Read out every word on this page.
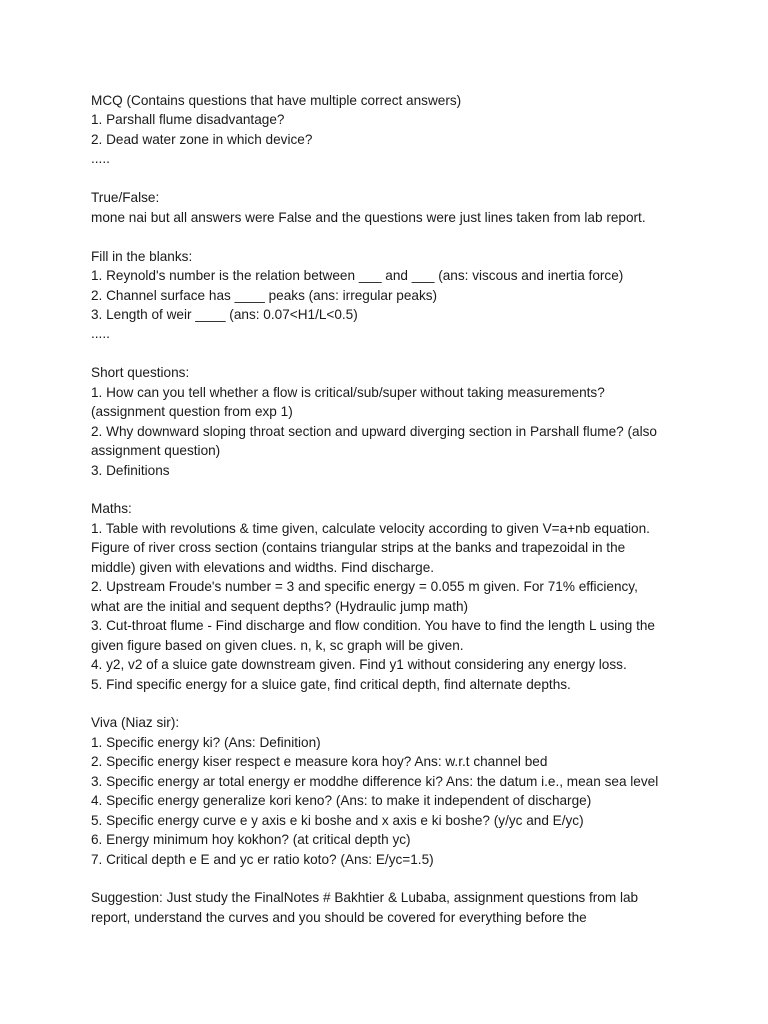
MCQ (Contains questions that have multiple correct answers)
1. Parshall flume disadvantage?
2. Dead water zone in which device?
.....
True/False:
mone nai but all answers were False and the questions were just lines taken from lab report.
Fill in the blanks:
1. Reynold's number is the relation between ___ and ___ (ans: viscous and inertia force)
2. Channel surface has ____ peaks (ans: irregular peaks)
3. Length of weir ____ (ans: 0.07<H1/L<0.5)
.....
Short questions:
1. How can you tell whether a flow is critical/sub/super without taking measurements?
(assignment question from exp 1)
2. Why downward sloping throat section and upward diverging section in Parshall flume? (also
assignment question)
3. Definitions
Maths:
1. Table with revolutions & time given, calculate velocity according to given V=a+nb equation.
Figure of river cross section (contains triangular strips at the banks and trapezoidal in the
middle) given with elevations and widths. Find discharge.
2. Upstream Froude's number = 3 and specific energy = 0.055 m given. For 71% efficiency,
what are the initial and sequent depths? (Hydraulic jump math)
3. Cut-throat flume - Find discharge and flow condition. You have to find the length L using the
given figure based on given clues. n, k, sc graph will be given.
4. y2, v2 of a sluice gate downstream given. Find y1 without considering any energy loss.
5. Find specific energy for a sluice gate, find critical depth, find alternate depths.
Viva (Niaz sir):
1. Specific energy ki? (Ans: Definition)
2. Specific energy kiser respect e measure kora hoy? Ans: w.r.t channel bed
3. Specific energy ar total energy er moddhe difference ki? Ans: the datum i.e., mean sea level
4. Specific energy generalize kori keno? (Ans: to make it independent of discharge)
5. Specific energy curve e y axis e ki boshe and x axis e ki boshe? (y/yc and E/yc)
6. Energy minimum hoy kokhon? (at critical depth yc)
7. Critical depth e E and yc er ratio koto? (Ans: E/yc=1.5)
Suggestion: Just study the FinalNotes # Bakhtier & Lubaba, assignment questions from lab
report, understand the curves and you should be covered for everything before the
